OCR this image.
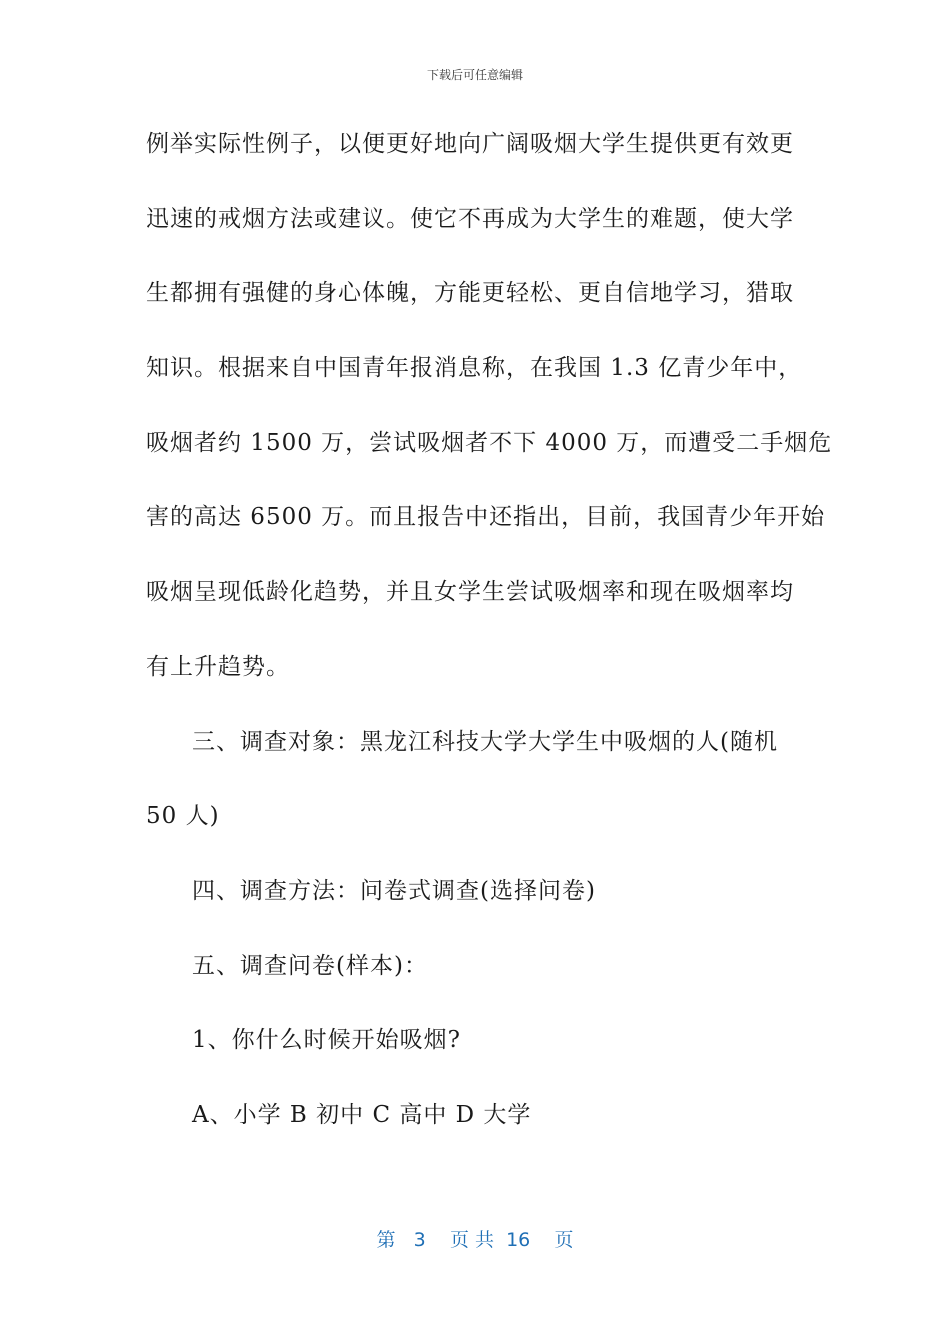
下载后可任意编辑
例举实际性例子，以便更好地向广阔吸烟大学生提供更有效更
迅速的戒烟方法或建议。使它不再成为大学生的难题，使大学
生都拥有强健的身心体魄，方能更轻松、更自信地学习，猎取
知识。根据来自中国青年报消息称，在我国 1.3 亿青少年中，
吸烟者约 1500 万，尝试吸烟者不下 4000 万，而遭受二手烟危
害的高达 6500 万。而且报告中还指出，目前，我国青少年开始
吸烟呈现低龄化趋势，并且女学生尝试吸烟率和现在吸烟率均
有上升趋势。
三、调查对象：黑龙江科技大学大学生中吸烟的人(随机
50 人)
四、调查方法：问卷式调查(选择问卷)
五、调查问卷(样本)：
1、你什么时候开始吸烟?
A、小学 B 初中 C 高中 D 大学
第 3 页 共 16 页
